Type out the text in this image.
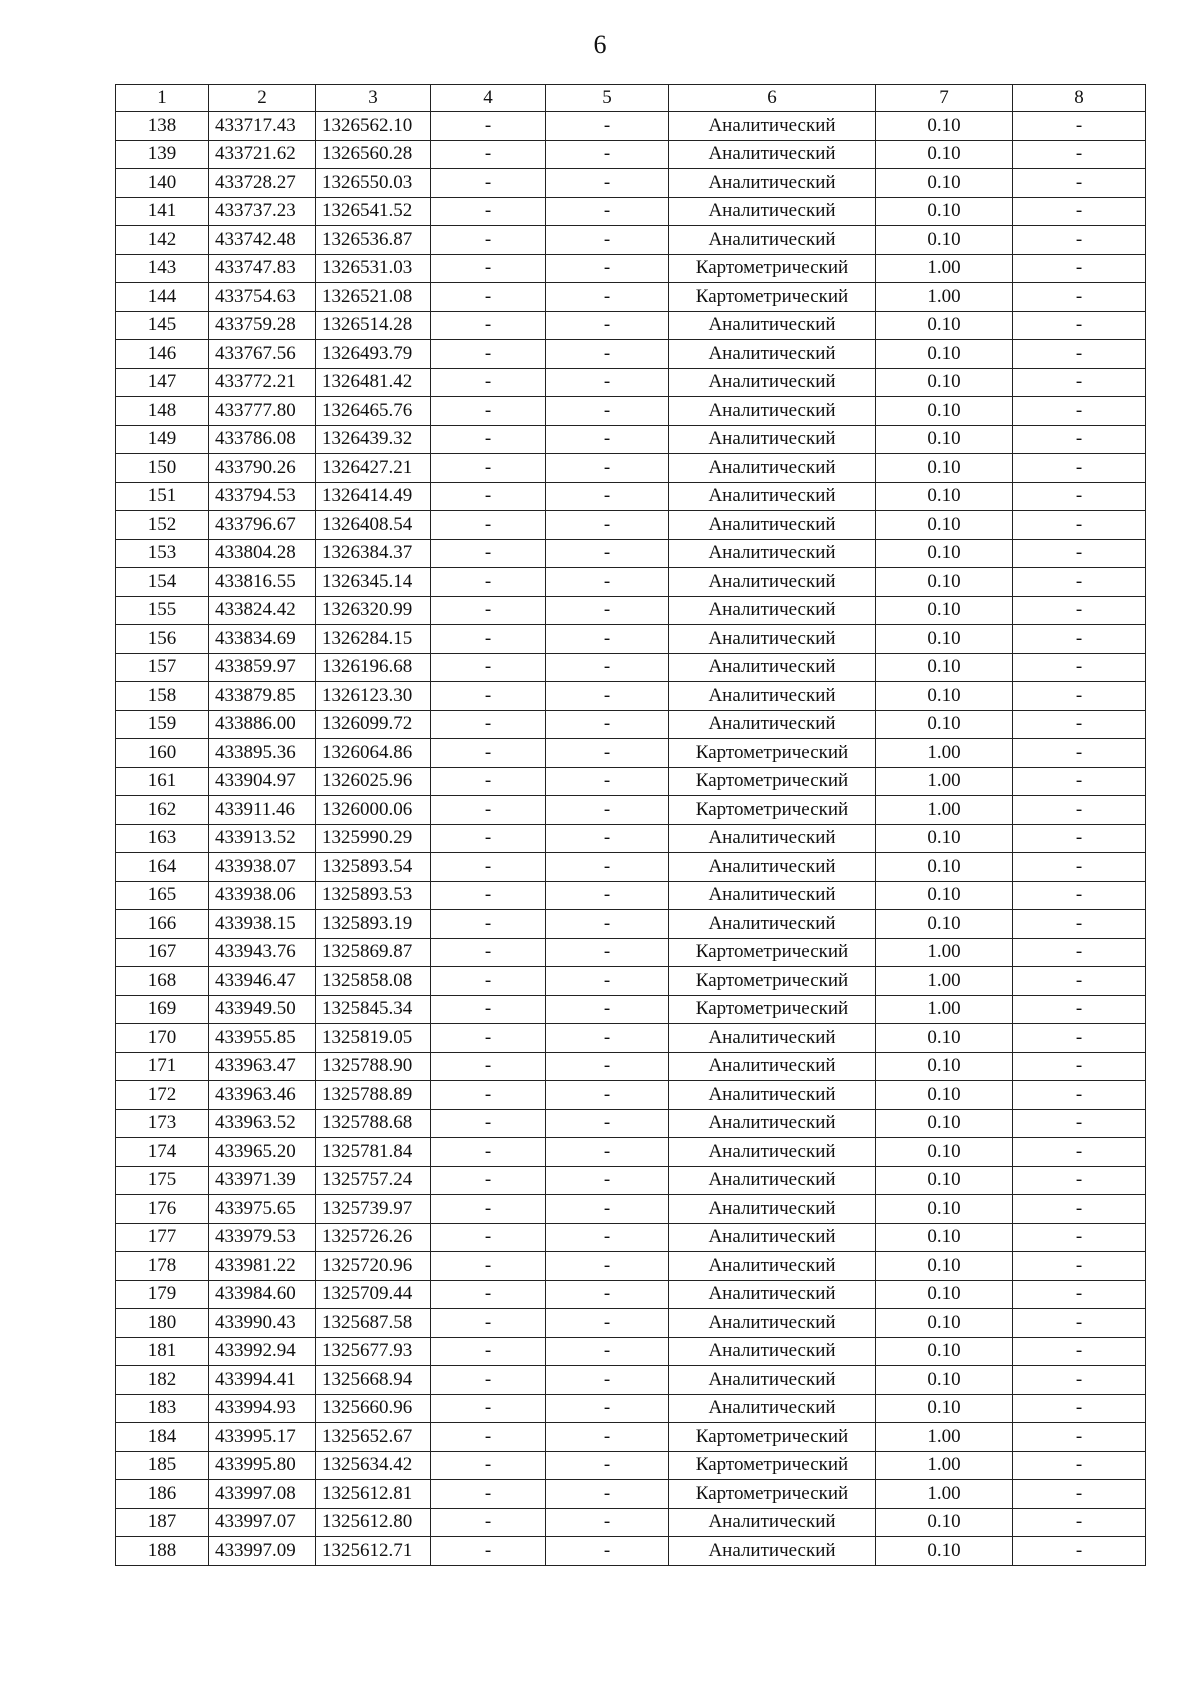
6
1	2	3	4	5	6	7	8
138	433717.43	1326562.10	-	-	Аналитический	0.10	-
139	433721.62	1326560.28	-	-	Аналитический	0.10	-
140	433728.27	1326550.03	-	-	Аналитический	0.10	-
141	433737.23	1326541.52	-	-	Аналитический	0.10	-
142	433742.48	1326536.87	-	-	Аналитический	0.10	-
143	433747.83	1326531.03	-	-	Картометрический	1.00	-
144	433754.63	1326521.08	-	-	Картометрический	1.00	-
145	433759.28	1326514.28	-	-	Аналитический	0.10	-
146	433767.56	1326493.79	-	-	Аналитический	0.10	-
147	433772.21	1326481.42	-	-	Аналитический	0.10	-
148	433777.80	1326465.76	-	-	Аналитический	0.10	-
149	433786.08	1326439.32	-	-	Аналитический	0.10	-
150	433790.26	1326427.21	-	-	Аналитический	0.10	-
151	433794.53	1326414.49	-	-	Аналитический	0.10	-
152	433796.67	1326408.54	-	-	Аналитический	0.10	-
153	433804.28	1326384.37	-	-	Аналитический	0.10	-
154	433816.55	1326345.14	-	-	Аналитический	0.10	-
155	433824.42	1326320.99	-	-	Аналитический	0.10	-
156	433834.69	1326284.15	-	-	Аналитический	0.10	-
157	433859.97	1326196.68	-	-	Аналитический	0.10	-
158	433879.85	1326123.30	-	-	Аналитический	0.10	-
159	433886.00	1326099.72	-	-	Аналитический	0.10	-
160	433895.36	1326064.86	-	-	Картометрический	1.00	-
161	433904.97	1326025.96	-	-	Картометрический	1.00	-
162	433911.46	1326000.06	-	-	Картометрический	1.00	-
163	433913.52	1325990.29	-	-	Аналитический	0.10	-
164	433938.07	1325893.54	-	-	Аналитический	0.10	-
165	433938.06	1325893.53	-	-	Аналитический	0.10	-
166	433938.15	1325893.19	-	-	Аналитический	0.10	-
167	433943.76	1325869.87	-	-	Картометрический	1.00	-
168	433946.47	1325858.08	-	-	Картометрический	1.00	-
169	433949.50	1325845.34	-	-	Картометрический	1.00	-
170	433955.85	1325819.05	-	-	Аналитический	0.10	-
171	433963.47	1325788.90	-	-	Аналитический	0.10	-
172	433963.46	1325788.89	-	-	Аналитический	0.10	-
173	433963.52	1325788.68	-	-	Аналитический	0.10	-
174	433965.20	1325781.84	-	-	Аналитический	0.10	-
175	433971.39	1325757.24	-	-	Аналитический	0.10	-
176	433975.65	1325739.97	-	-	Аналитический	0.10	-
177	433979.53	1325726.26	-	-	Аналитический	0.10	-
178	433981.22	1325720.96	-	-	Аналитический	0.10	-
179	433984.60	1325709.44	-	-	Аналитический	0.10	-
180	433990.43	1325687.58	-	-	Аналитический	0.10	-
181	433992.94	1325677.93	-	-	Аналитический	0.10	-
182	433994.41	1325668.94	-	-	Аналитический	0.10	-
183	433994.93	1325660.96	-	-	Аналитический	0.10	-
184	433995.17	1325652.67	-	-	Картометрический	1.00	-
185	433995.80	1325634.42	-	-	Картометрический	1.00	-
186	433997.08	1325612.81	-	-	Картометрический	1.00	-
187	433997.07	1325612.80	-	-	Аналитический	0.10	-
188	433997.09	1325612.71	-	-	Аналитический	0.10	-
